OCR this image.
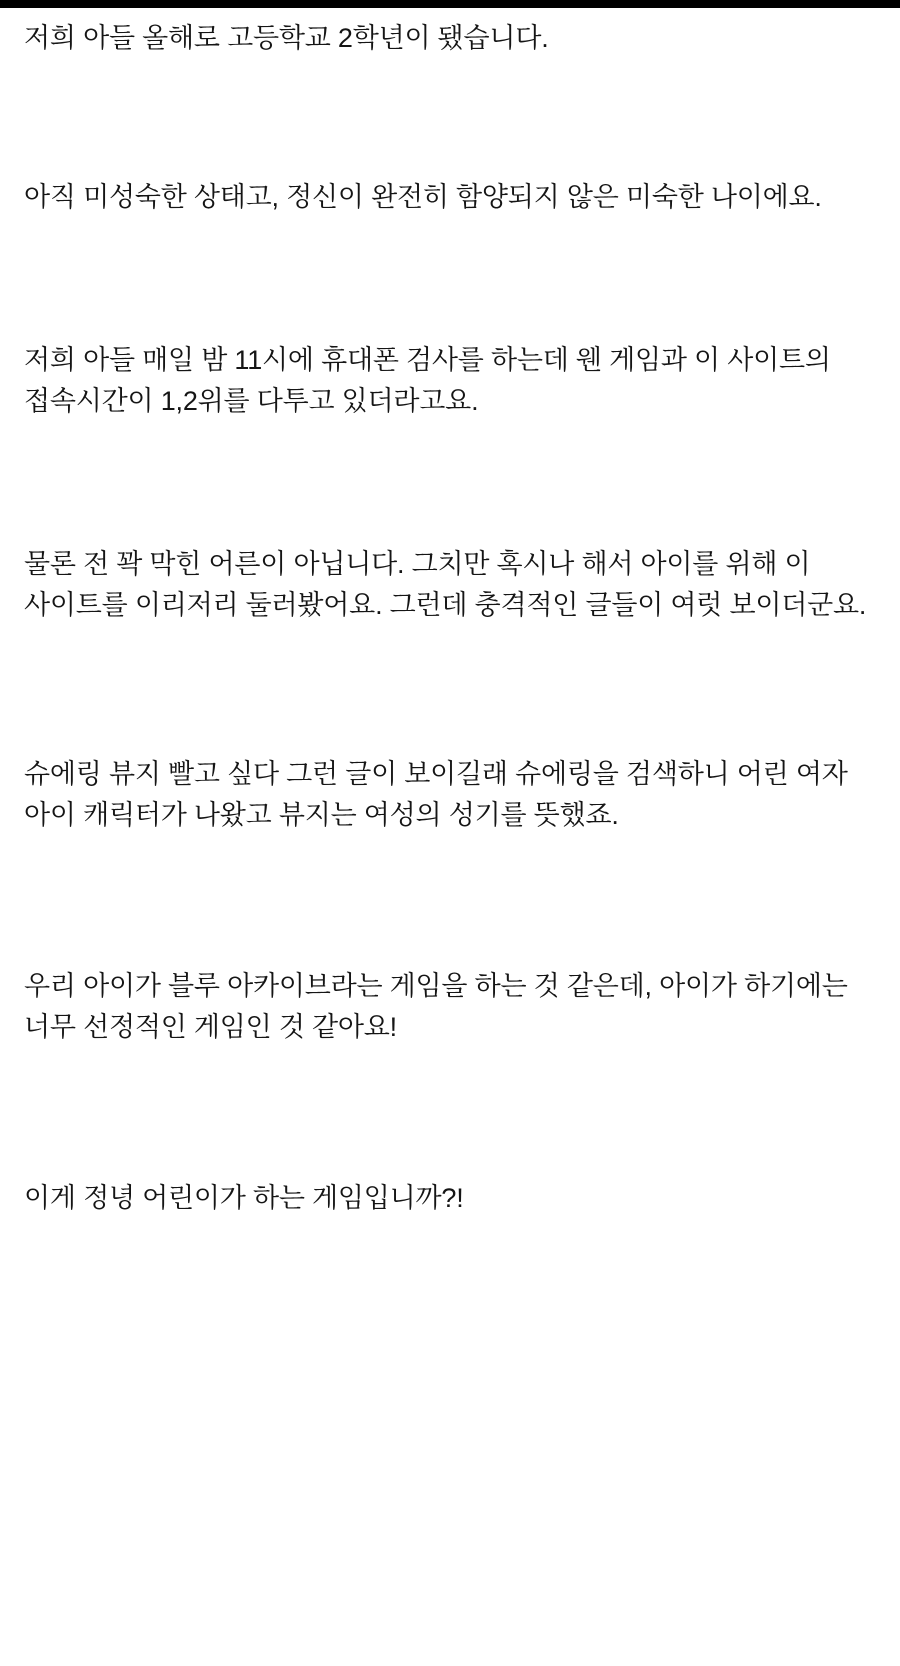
저희 아들 올해로 고등학교 2학년이 됐습니다.

아직 미성숙한 상태고, 정신이 완전히 함양되지 않은 미숙한 나이에요.

저희 아들 매일 밤 11시에 휴대폰 검사를 하는데 웬 게임과 이 사이트의 접속시간이 1,2위를 다투고 있더라고요.

물론 전 꽉 막힌 어른이 아닙니다. 그치만 혹시나 해서 아이를 위해 이 사이트를 이리저리 둘러봤어요. 그런데 충격적인 글들이 여럿 보이더군요.

슈에링 뷰지 빨고 싶다 그런 글이 보이길래 슈에링을 검색하니 어린 여자 아이 캐릭터가 나왔고 뷰지는 여성의 성기를 뜻했죠.

우리 아이가 블루 아카이브라는 게임을 하는 것 같은데, 아이가 하기에는 너무 선정적인 게임인 것 같아요!

이게 정녕 어린이가 하는 게임입니까?!
